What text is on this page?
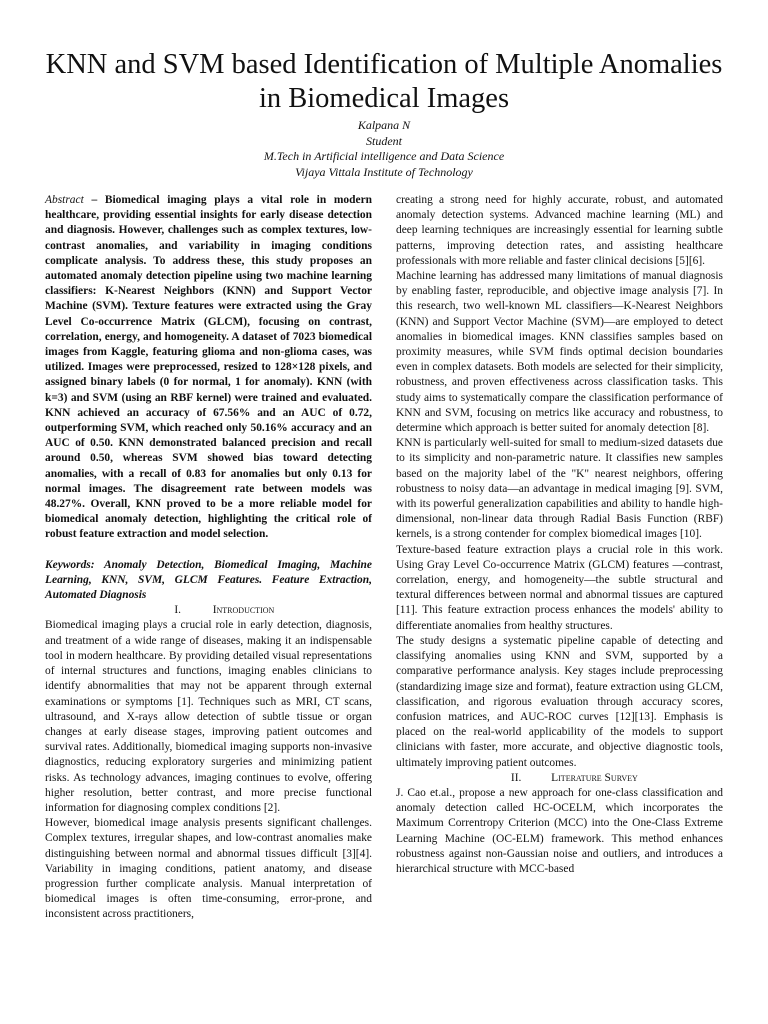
KNN and SVM based Identification of Multiple Anomalies in Biomedical Images
Kalpana N
Student
M.Tech in Artificial intelligence and Data Science
Vijaya Vittala Institute of Technology

Abstract – Biomedical imaging plays a vital role in modern healthcare, providing essential insights for early disease detection and diagnosis. However, challenges such as complex textures, low-contrast anomalies, and variability in imaging conditions complicate analysis. To address these, this study proposes an automated anomaly detection pipeline using two machine learning classifiers: K-Nearest Neighbors (KNN) and Support Vector Machine (SVM). Texture features were extracted using the Gray Level Co-occurrence Matrix (GLCM), focusing on contrast, correlation, energy, and homogeneity. A dataset of 7023 biomedical images from Kaggle, featuring glioma and non-glioma cases, was utilized. Images were preprocessed, resized to 128×128 pixels, and assigned binary labels (0 for normal, 1 for anomaly). KNN (with k=3) and SVM (using an RBF kernel) were trained and evaluated. KNN achieved an accuracy of 67.56% and an AUC of 0.72, outperforming SVM, which reached only 50.16% accuracy and an AUC of 0.50. KNN demonstrated balanced precision and recall around 0.50, whereas SVM showed bias toward detecting anomalies, with a recall of 0.83 for anomalies but only 0.13 for normal images. The disagreement rate between models was 48.27%. Overall, KNN proved to be a more reliable model for biomedical anomaly detection, highlighting the critical role of robust feature extraction and model selection.

Keywords: Anomaly Detection, Biomedical Imaging, Machine Learning, KNN, SVM, GLCM Features. Feature Extraction, Automated Diagnosis

I.	Introduction

Biomedical imaging plays a crucial role in early detection, diagnosis, and treatment of a wide range of diseases, making it an indispensable tool in modern healthcare. By providing detailed visual representations of internal structures and functions, imaging enables clinicians to identify abnormalities that may not be apparent through external examinations or symptoms [1]. Techniques such as MRI, CT scans, ultrasound, and X-rays allow detection of subtle tissue or organ changes at early disease stages, improving patient outcomes and survival rates. Additionally, biomedical imaging supports non-invasive diagnostics, reducing exploratory surgeries and minimizing patient risks. As technology advances, imaging continues to evolve, offering higher resolution, better contrast, and more precise functional information for diagnosing complex conditions [2].

However, biomedical image analysis presents significant challenges. Complex textures, irregular shapes, and low-contrast anomalies make distinguishing between normal and abnormal tissues difficult [3][4]. Variability in imaging conditions, patient anatomy, and disease progression further complicate analysis. Manual interpretation of biomedical images is often time-consuming, error-prone, and inconsistent across practitioners,

creating a strong need for highly accurate, robust, and automated anomaly detection systems. Advanced machine learning (ML) and deep learning techniques are increasingly essential for learning subtle patterns, improving detection rates, and assisting healthcare professionals with more reliable and faster clinical decisions [5][6].

Machine learning has addressed many limitations of manual diagnosis by enabling faster, reproducible, and objective image analysis [7]. In this research, two well-known ML classifiers—K-Nearest Neighbors (KNN) and Support Vector Machine (SVM)—are employed to detect anomalies in biomedical images. KNN classifies samples based on proximity measures, while SVM finds optimal decision boundaries even in complex datasets. Both models are selected for their simplicity, robustness, and proven effectiveness across classification tasks. This study aims to systematically compare the classification performance of KNN and SVM, focusing on metrics like accuracy and robustness, to determine which approach is better suited for anomaly detection [8].

KNN is particularly well-suited for small to medium-sized datasets due to its simplicity and non-parametric nature. It classifies new samples based on the majority label of the "K" nearest neighbors, offering robustness to noisy data—an advantage in medical imaging [9]. SVM, with its powerful generalization capabilities and ability to handle high-dimensional, non-linear data through Radial Basis Function (RBF) kernels, is a strong contender for complex biomedical images [10].

Texture-based feature extraction plays a crucial role in this work. Using Gray Level Co-occurrence Matrix (GLCM) features —contrast, correlation, energy, and homogeneity—the subtle structural and textural differences between normal and abnormal tissues are captured [11]. This feature extraction process enhances the models' ability to differentiate anomalies from healthy structures.

The study designs a systematic pipeline capable of detecting and classifying anomalies using KNN and SVM, supported by a comparative performance analysis. Key stages include preprocessing (standardizing image size and format), feature extraction using GLCM, classification, and rigorous evaluation through accuracy scores, confusion matrices, and AUC-ROC curves [12][13]. Emphasis is placed on the real-world applicability of the models to support clinicians with faster, more accurate, and objective diagnostic tools, ultimately improving patient outcomes.

II.	Literature Survey

J. Cao et.al., propose a new approach for one-class classification and anomaly detection called HC-OCELM, which incorporates the Maximum Correntropy Criterion (MCC) into the One-Class Extreme Learning Machine (OC-ELM) framework. This method enhances robustness against non-Gaussian noise and outliers, and introduces a hierarchical structure with MCC-based
